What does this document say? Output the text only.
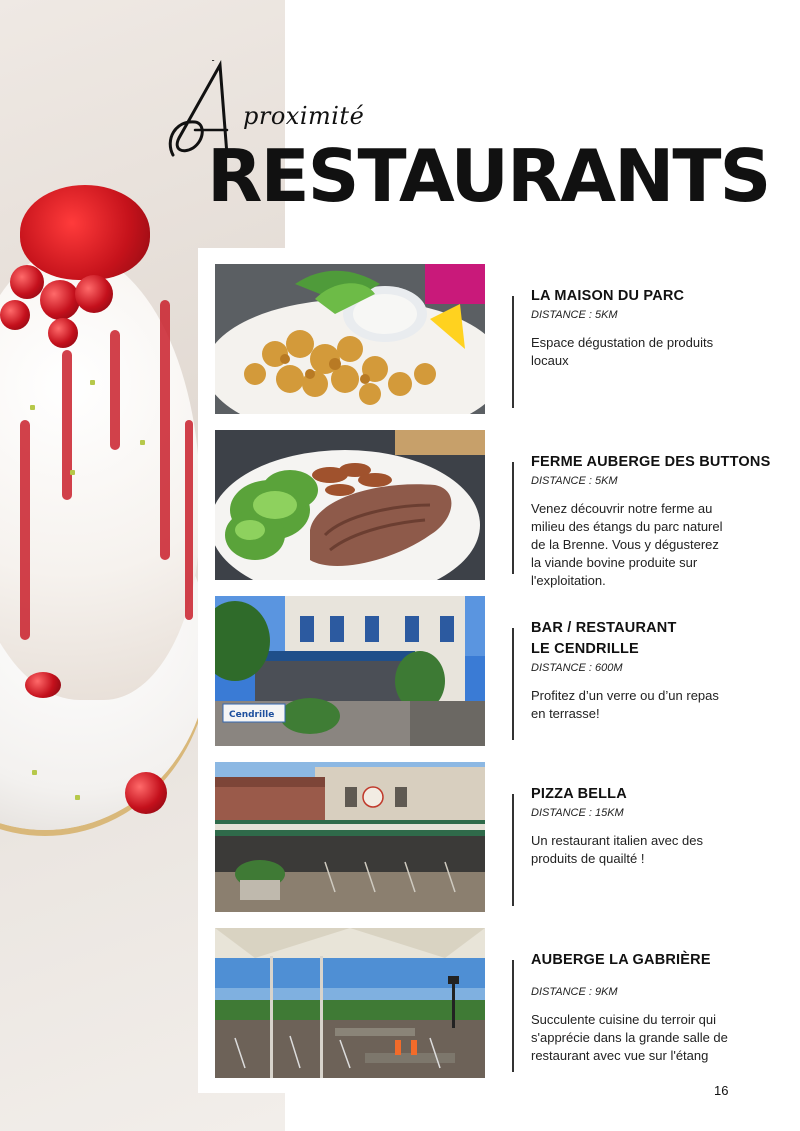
proximité
RESTAURANTS
LA MAISON DU PARC
DISTANCE : 5KM
Espace dégustation de produits
locaux
FERME AUBERGE DES BUTTONS
DISTANCE : 5KM
Venez découvrir notre ferme au
milieu des étangs du parc naturel
de la Brenne. Vous y dégusterez
la viande bovine produite sur
l'exploitation.
Cendrille
BAR / RESTAURANT
LE CENDRILLE
DISTANCE : 600M
Profitez d’un verre ou d’un repas
en terrasse!
PIZZA BELLA
DISTANCE : 15KM
Un restaurant italien avec des
produits de quailté !
AUBERGE LA GABRIÈRE
DISTANCE : 9KM
Succulente cuisine du terroir qui
s'apprécie dans la grande salle de
restaurant avec vue sur l'étang
16
